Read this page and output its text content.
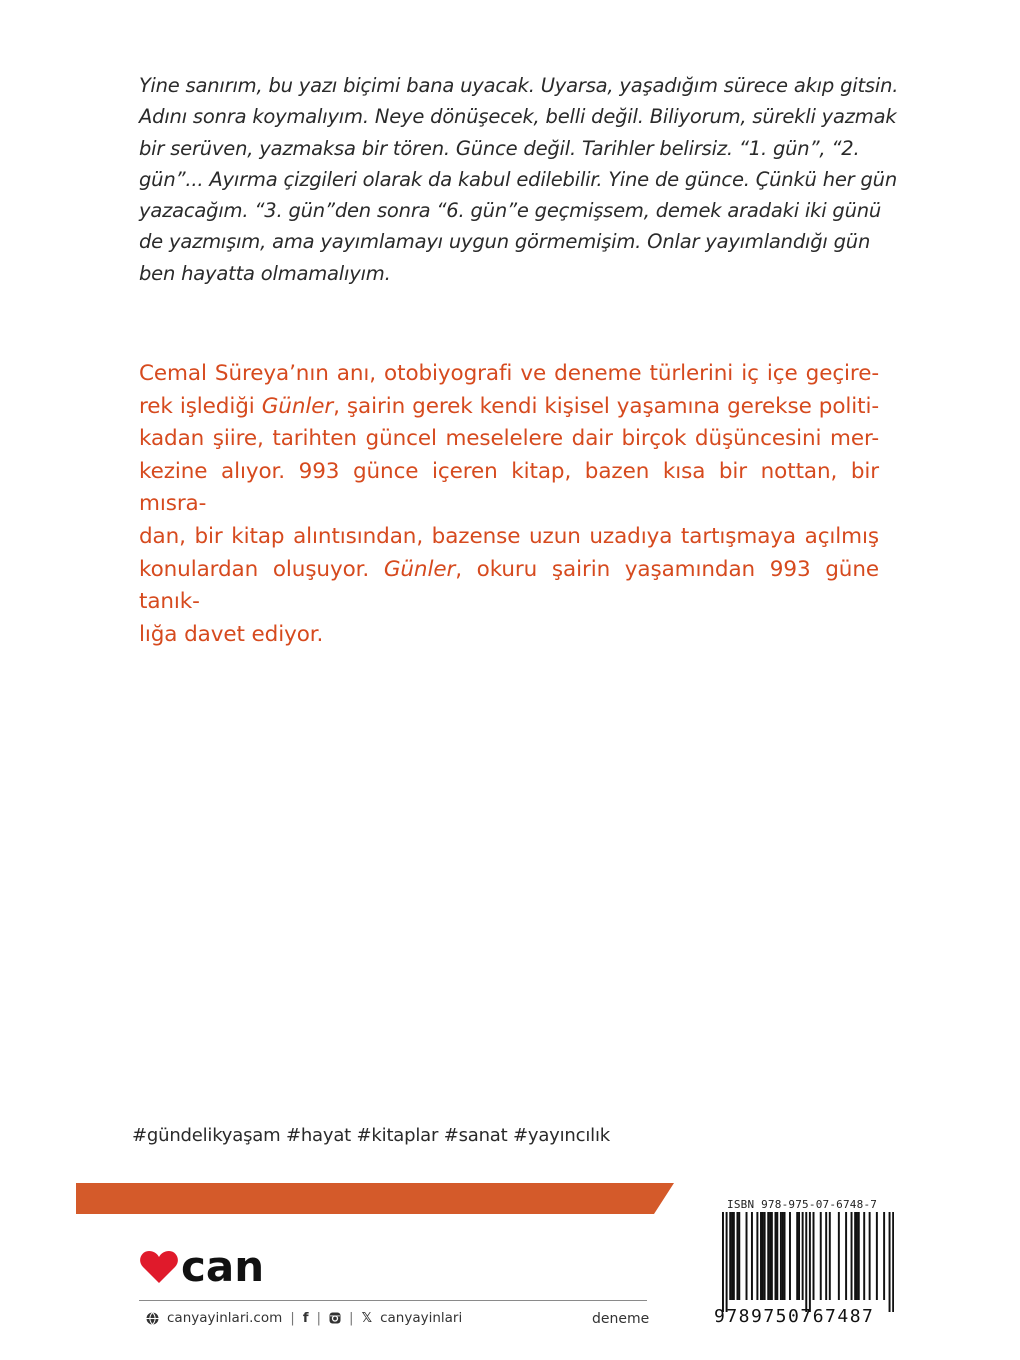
Yine sanırım, bu yazı biçimi bana uyacak. Uyarsa, yaşadığım sürece akıp gitsin.
Adını sonra koymalıyım. Neye dönüşecek, belli değil. Biliyorum, sürekli yazmak
bir serüven, yazmaksa bir tören. Günce değil. Tarihler belirsiz. “1. gün”, “2.
gün”... Ayırma çizgileri olarak da kabul edilebilir. Yine de günce. Çünkü her gün
yazacağım. “3. gün”den sonra “6. gün”e geçmişsem, demek aradaki iki günü
de yazmışım, ama yayımlamayı uygun görmemişim. Onlar yayımlandığı gün
ben hayatta olmamalıyım.
Cemal Süreya’nın anı, otobiyografi ve deneme türlerini iç içe geçire-
rek işlediği Günler, şairin gerek kendi kişisel yaşamına gerekse politi-
kadan şiire, tarihten güncel meselelere dair birçok düşüncesini mer-
kezine alıyor. 993 günce içeren kitap, bazen kısa bir nottan, bir mısra-
dan, bir kitap alıntısından, bazense uzun uzadıya tartışmaya açılmış
konulardan oluşuyor. Günler, okuru şairin yaşamından 993 güne tanık-
lığa davet ediyor.
#gündelikyaşam #hayat #kitaplar #sanat #yayıncılık
can
canyayinlari.com | f | | 𝕏 canyayinlari	deneme
ISBN 978-975-07-6748-7
9789750767487
